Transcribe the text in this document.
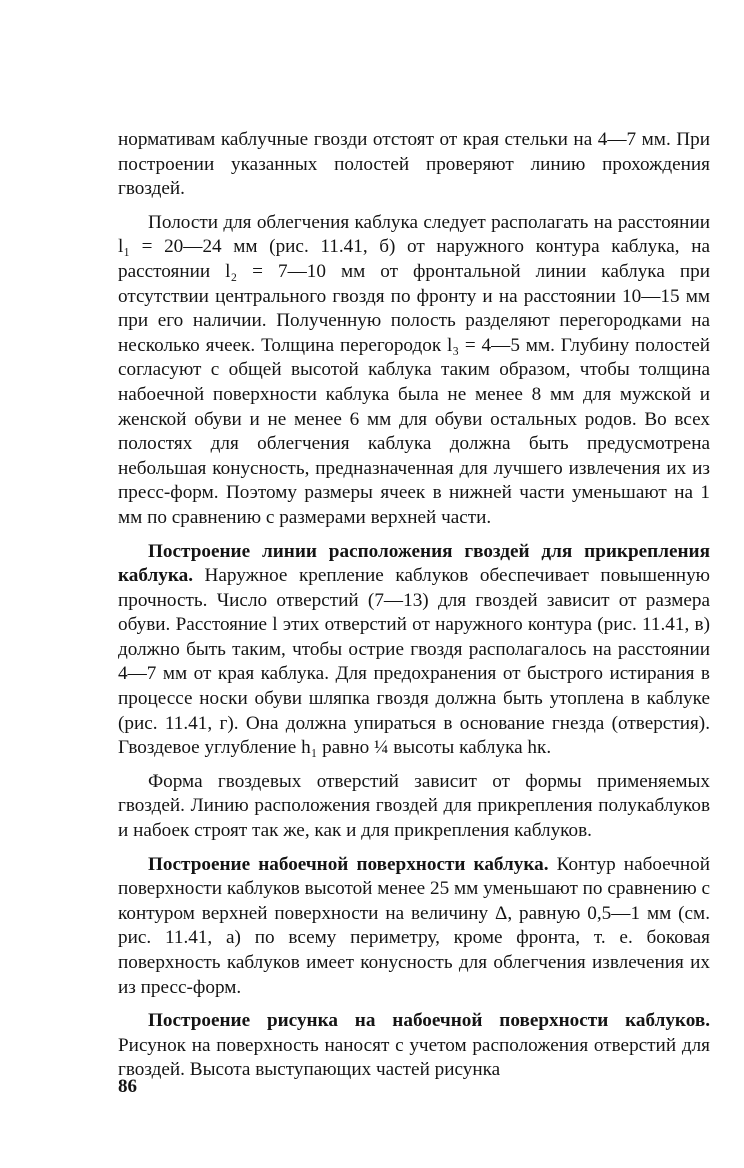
нормативам каблучные гвозди отстоят от края стельки на 4—7 мм. При построении указанных полостей проверяют линию прохождения гвоздей.

Полости для облегчения каблука следует располагать на расстоянии l₁ = 20—24 мм (рис. 11.41, б) от наружного контура каблука, на расстоянии l₂ = 7—10 мм от фронтальной линии каблука при отсутствии центрального гвоздя по фронту и на расстоянии 10—15 мм при его наличии. Полученную полость разделяют перегородками на несколько ячеек. Толщина перегородок l₃ = 4—5 мм. Глубину полостей согласуют с общей высотой каблука таким образом, чтобы толщина набоечной поверхности каблука была не менее 8 мм для мужской и женской обуви и не менее 6 мм для обуви остальных родов. Во всех полостях для облегчения каблука должна быть предусмотрена небольшая конусность, предназначенная для лучшего извлечения их из пресс-форм. Поэтому размеры ячеек в нижней части уменьшают на 1 мм по сравнению с размерами верхней части.

Построение линии расположения гвоздей для прикрепления каблука. Наружное крепление каблуков обеспечивает повышенную прочность. Число отверстий (7—13) для гвоздей зависит от размера обуви. Расстояние l этих отверстий от наружного контура (рис. 11.41, в) должно быть таким, чтобы острие гвоздя располагалось на расстоянии 4—7 мм от края каблука. Для предохранения от быстрого истирания в процессе носки обуви шляпка гвоздя должна быть утоплена в каблуке (рис. 11.41, г). Она должна упираться в основание гнезда (отверстия). Гвоздевое углубление h₁ равно ¼ высоты каблука hк.

Форма гвоздевых отверстий зависит от формы применяемых гвоздей. Линию расположения гвоздей для прикрепления полукаблуков и набоек строят так же, как и для прикрепления каблуков.

Построение набоечной поверхности каблука. Контур набоечной поверхности каблуков высотой менее 25 мм уменьшают по сравнению с контуром верхней поверхности на величину Δ, равную 0,5—1 мм (см. рис. 11.41, а) по всему периметру, кроме фронта, т. е. боковая поверхность каблуков имеет конусность для облегчения извлечения их из пресс-форм.

Построение рисунка на набоечной поверхности каблуков. Рисунок на поверхность наносят с учетом расположения отверстий для гвоздей. Высота выступающих частей рисунка

86
